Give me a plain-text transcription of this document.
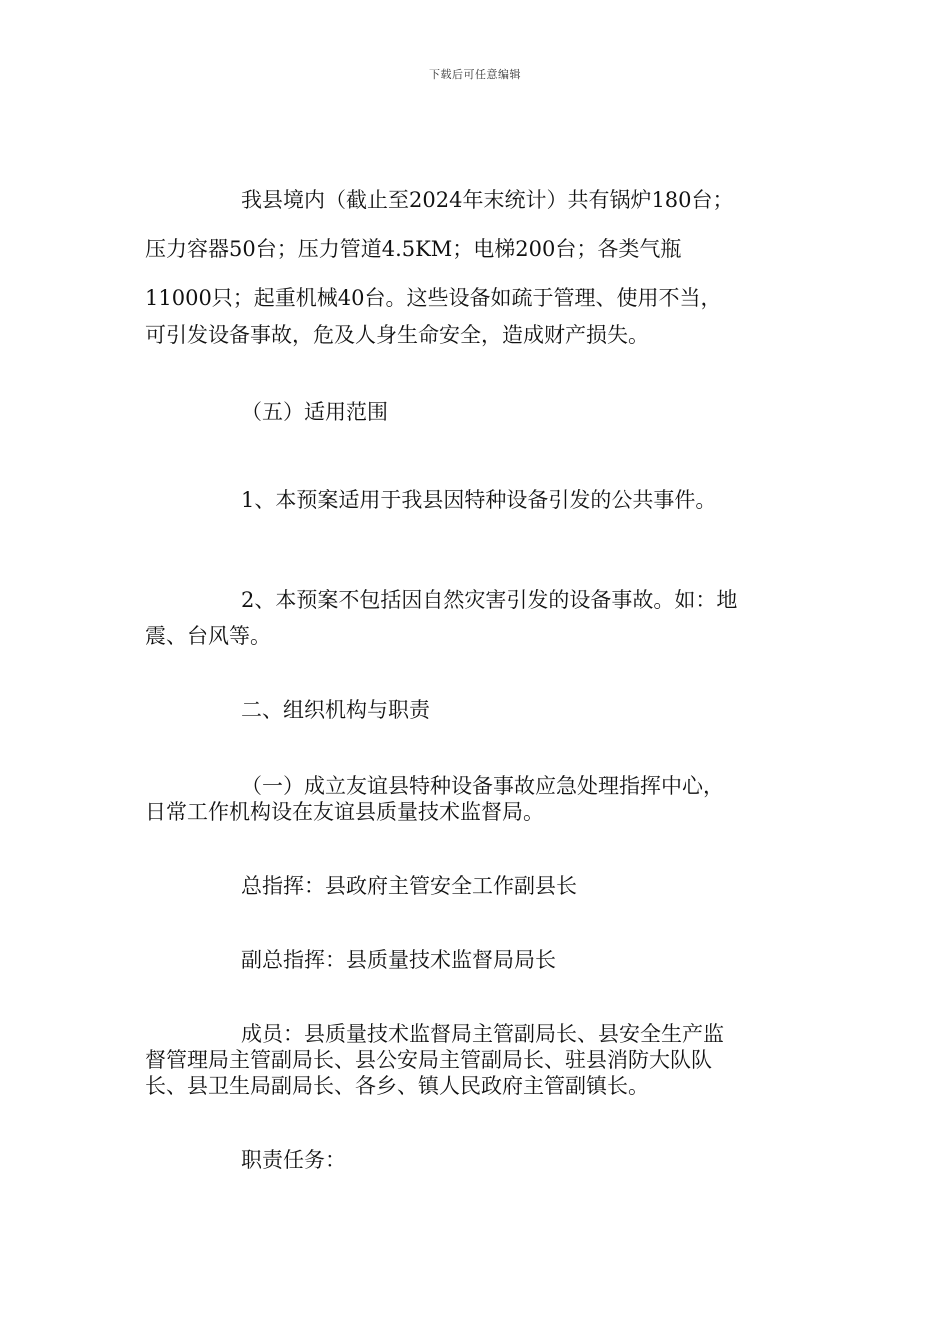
下载后可任意编辑
我县境内（截止至2024年末统计）共有锅炉180台；
压力容器50台；压力管道4.5KM；电梯200台；各类气瓶
11000只；起重机械40台。这些设备如疏于管理、使用不当，
可引发设备事故，危及人身生命安全，造成财产损失。
（五）适用范围
1、本预案适用于我县因特种设备引发的公共事件。
2、本预案不包括因自然灾害引发的设备事故。如：地
震、台风等。
二、组织机构与职责
（一）成立友谊县特种设备事故应急处理指挥中心，
日常工作机构设在友谊县质量技术监督局。
总指挥：县政府主管安全工作副县长
副总指挥：县质量技术监督局局长
成员：县质量技术监督局主管副局长、县安全生产监
督管理局主管副局长、县公安局主管副局长、驻县消防大队队
长、县卫生局副局长、各乡、镇人民政府主管副镇长。
职责任务：
